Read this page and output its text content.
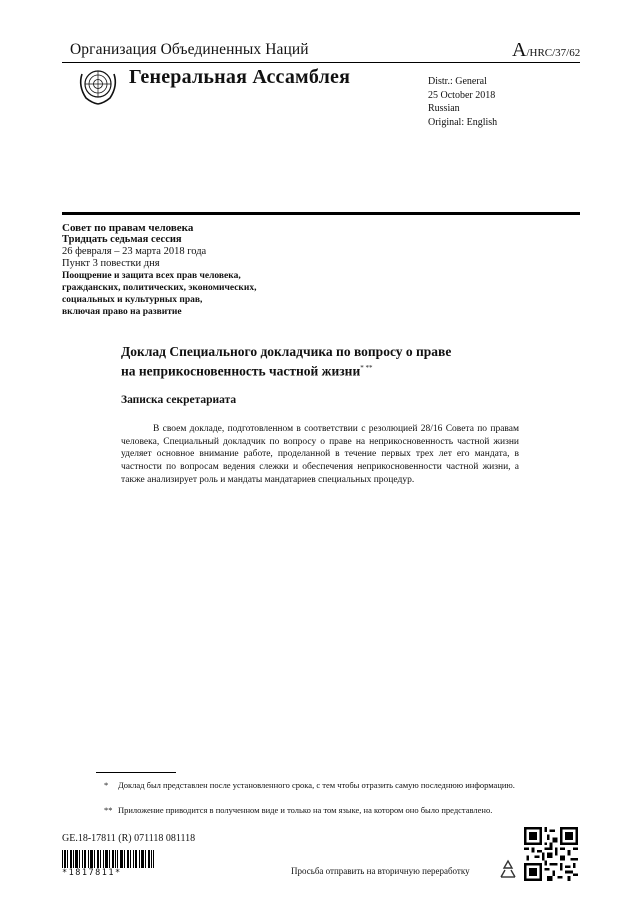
Организация Объединенных Наций	A/HRC/37/62
Генеральная Ассамблея	Distr.: General
25 October 2018
Russian
Original: English
Совет по правам человека
Тридцать седьмая сессия
26 февраля – 23 марта 2018 года
Пункт 3 повестки дня
Поощрение и защита всех прав человека,
гражданских, политических, экономических,
социальных и культурных прав,
включая право на развитие
Доклад Специального докладчика по вопросу о праве
на неприкосновенность частной жизни* **
Записка секретариата

В своем докладе, подготовленном в соответствии с резолюцией 28/16 Совета по правам человека, Специальный докладчик по вопросу о праве на неприкосновенность частной жизни уделяет основное внимание работе, проделанной в течение первых трех лет его мандата, в частности по вопросам ведения слежки и обеспечения неприкосновенности частной жизни, а также анализирует роль и мандаты мандатариев специальных процедур.

* Доклад был представлен после установленного срока, с тем чтобы отразить самую последнюю информацию.
** Приложение приводится в полученном виде и только на том языке, на котором оно было представлено.
GE.18-17811 (R) 071118 081118
*1817811*	Просьба отправить на вторичную переработку
